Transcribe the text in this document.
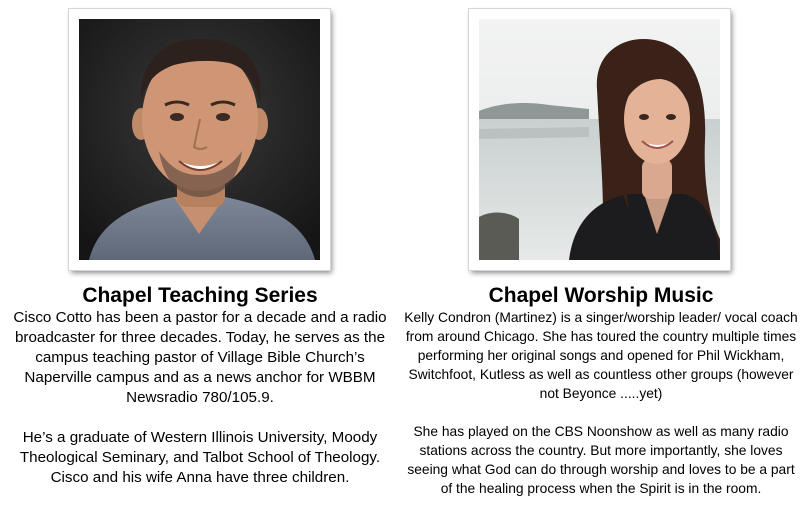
Chapel Teaching Series

Cisco Cotto has been a pastor for a decade and a radio broadcaster for three decades. Today, he serves as the campus teaching pastor of Village Bible Church’s Naperville campus and as a news anchor for WBBM Newsradio 780/105.9.

He’s a graduate of Western Illinois University, Moody Theological Seminary, and Talbot School of Theology. Cisco and his wife Anna have three children.

Chapel Worship Music

Kelly Condron (Martinez) is a singer/worship leader/ vocal coach from around Chicago. She has toured the country multiple times performing her original songs and opened for Phil Wickham, Switchfoot, Kutless as well as countless other groups (however not Beyonce .....yet)

She has played on the CBS Noonshow as well as many radio stations across the country. But more importantly, she loves seeing what God can do through worship and loves to be a part of the healing process when the Spirit is in the room.
